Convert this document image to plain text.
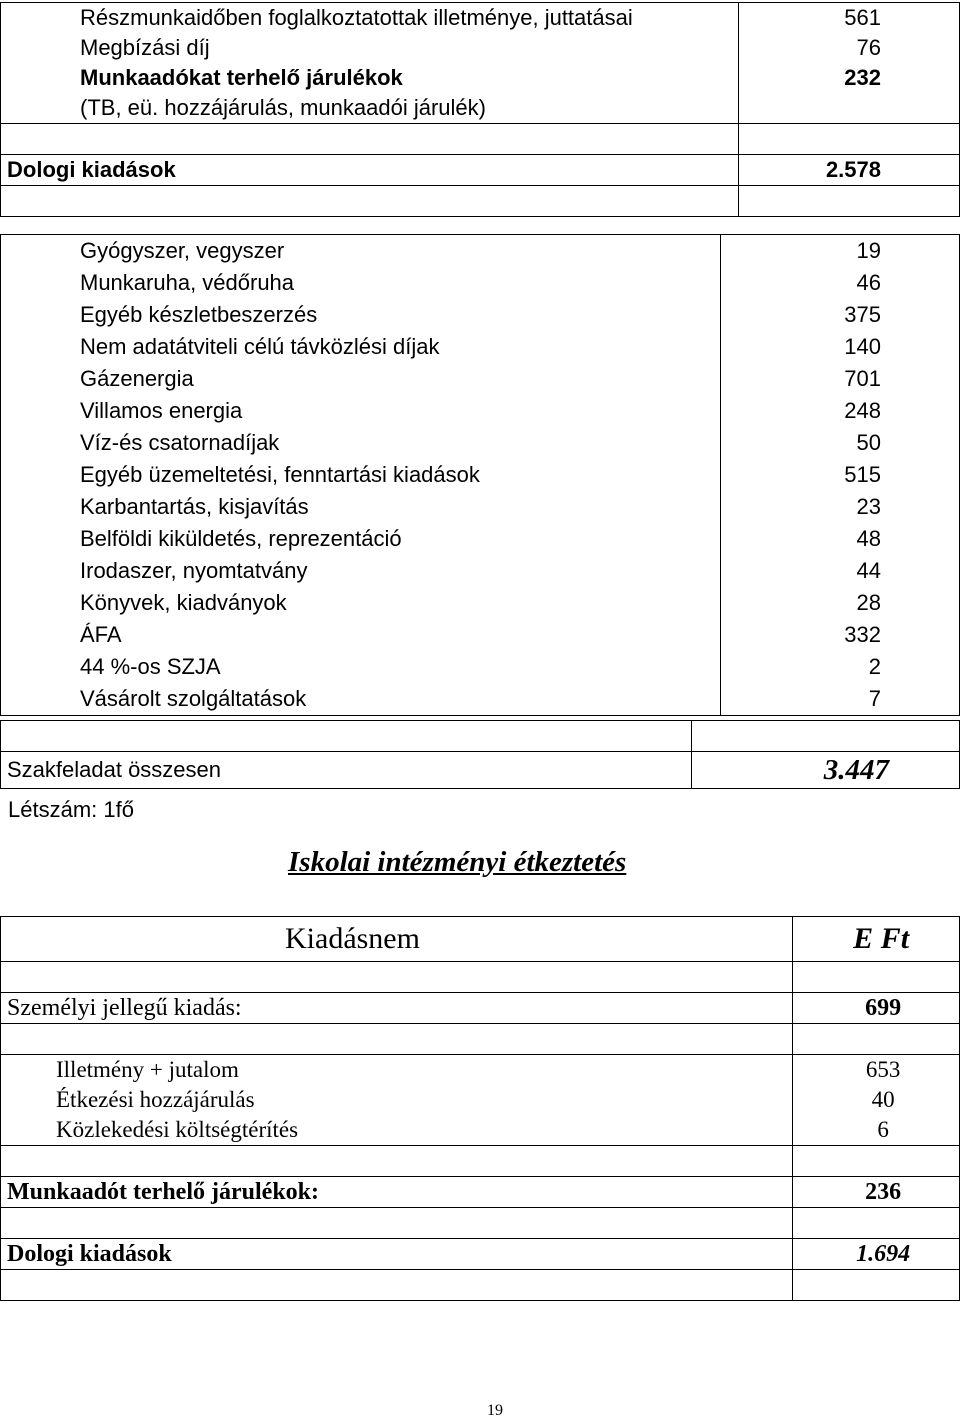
Részmunkaidőben foglalkoztatottak illetménye, juttatásai	561
Megbízási díj	76
Munkaadókat terhelő járulékok	232
(TB, eü. hozzájárulás, munkaadói járulék)	

Dologi kiadások	2.578

Gyógyszer, vegyszer	19
Munkaruha, védőruha	46
Egyéb készletbeszerzés	375
Nem adatátviteli célú távközlési díjak	140
Gázenergia	701
Villamos energia	248
Víz-és csatornadíjak	50
Egyéb üzemeltetési, fenntartási kiadások	515
Karbantartás, kisjavítás	23
Belföldi kiküldetés, reprezentáció	48
Irodaszer, nyomtatvány	44
Könyvek, kiadványok	28
ÁFA	332
44 %-os SZJA	2
Vásárolt szolgáltatások	7

Szakfeladat összesen	3.447
Létszám: 1fő
Iskolai intézményi étkeztetés
Kiadásnem	E Ft

Személyi jellegű kiadás:	699

Illetmény + jutalom	653
Étkezési hozzájárulás	40
Közlekedési költségtérítés	6

Munkaadót terhelő járulékok:	236

Dologi kiadások	1.694

19
